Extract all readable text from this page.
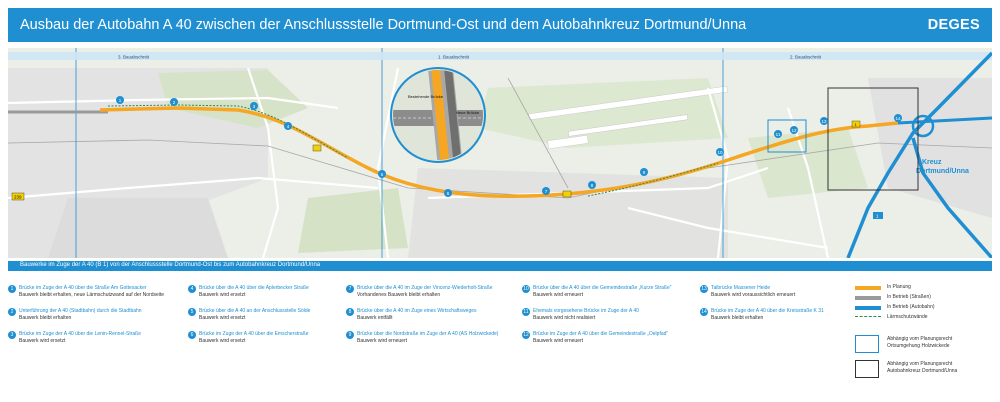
Ausbau der Autobahn A 40 zwischen der Anschlussstelle Dortmund-Ost und dem Autobahnkreuz Dortmund/Unna	DEGES
3. Bauabschnitt	1. Bauabschnitt	2. Bauabschnitt
Kreuz
Dortmund/Unna
239
1
1
1	2
3
4
5
6	7
8
9
10
11
12
13
14
Bestehende Brücke
Neue Brücke
Bauwerke im Zuge der A 40 (B 1) von der Anschlussstelle Dortmund-Ost bis zum Autobahnkreuz Dortmund/Unna
1	Brücke im Zuge der A 40 über die Straße Am Gottesacker
Bauwerk bleibt erhalten, neue Lärmschutzwand auf der Nordseite
2	Unterführung der A 40 (Stadtbahn) durch die Stadtbahn
Bauwerk bleibt erhalten
3	Brücke im Zuge der A 40 über die Lenin-Rennel-Straße
Bauwerk wird ersetzt
4	Brücke über die A 40 über die Aplerbecker Straße
Bauwerk wird ersetzt
5	Brücke über die A 40 an der Anschlussstelle Sölde
Bauwerk wird ersetzt
6	Brücke im Zuge der A 40 über die Emscherstraße
Bauwerk wird ersetzt
7	Brücke über die A 40 im Zuge der Vincenz-Wiederholt-Straße
Vorhandenes Bauwerk bleibt erhalten
8	Brücke über die A 40 im Zuge eines Wirtschaftsweges
Bauwerk entfällt
9	Brücke über die Nordstraße im Zuge der A 40 (AS Holzwickede)
Bauwerk wird erneuert
10 Brücke über die A 40 über die Gemeindestraße „Kurze Straße“
Bauwerk wird erneuert
11 Ehemals vorgesehene Brücke im Zuge der A 40
Bauwerk wird nicht realisiert
12 Brücke im Zuge der A 40 über die Gemeindestraße „Oelpfad“
Bauwerk wird erneuert
13 Talbrücke Massener Heide
Bauwerk wird voraussichtlich erneuert
14 Brücke im Zuge der A 40 über die Kreisstraße K 31
Bauwerk bleibt erhalten
In Planung
In Betrieb (Straßen)
In Betrieb (Autobahn)
Lärmschutzwände
Abhängig vom Planungsrecht
Ortsumgehung Holzwickede
Abhängig vom Planungsrecht
Autobahnkreuz Dortmund/Unna
